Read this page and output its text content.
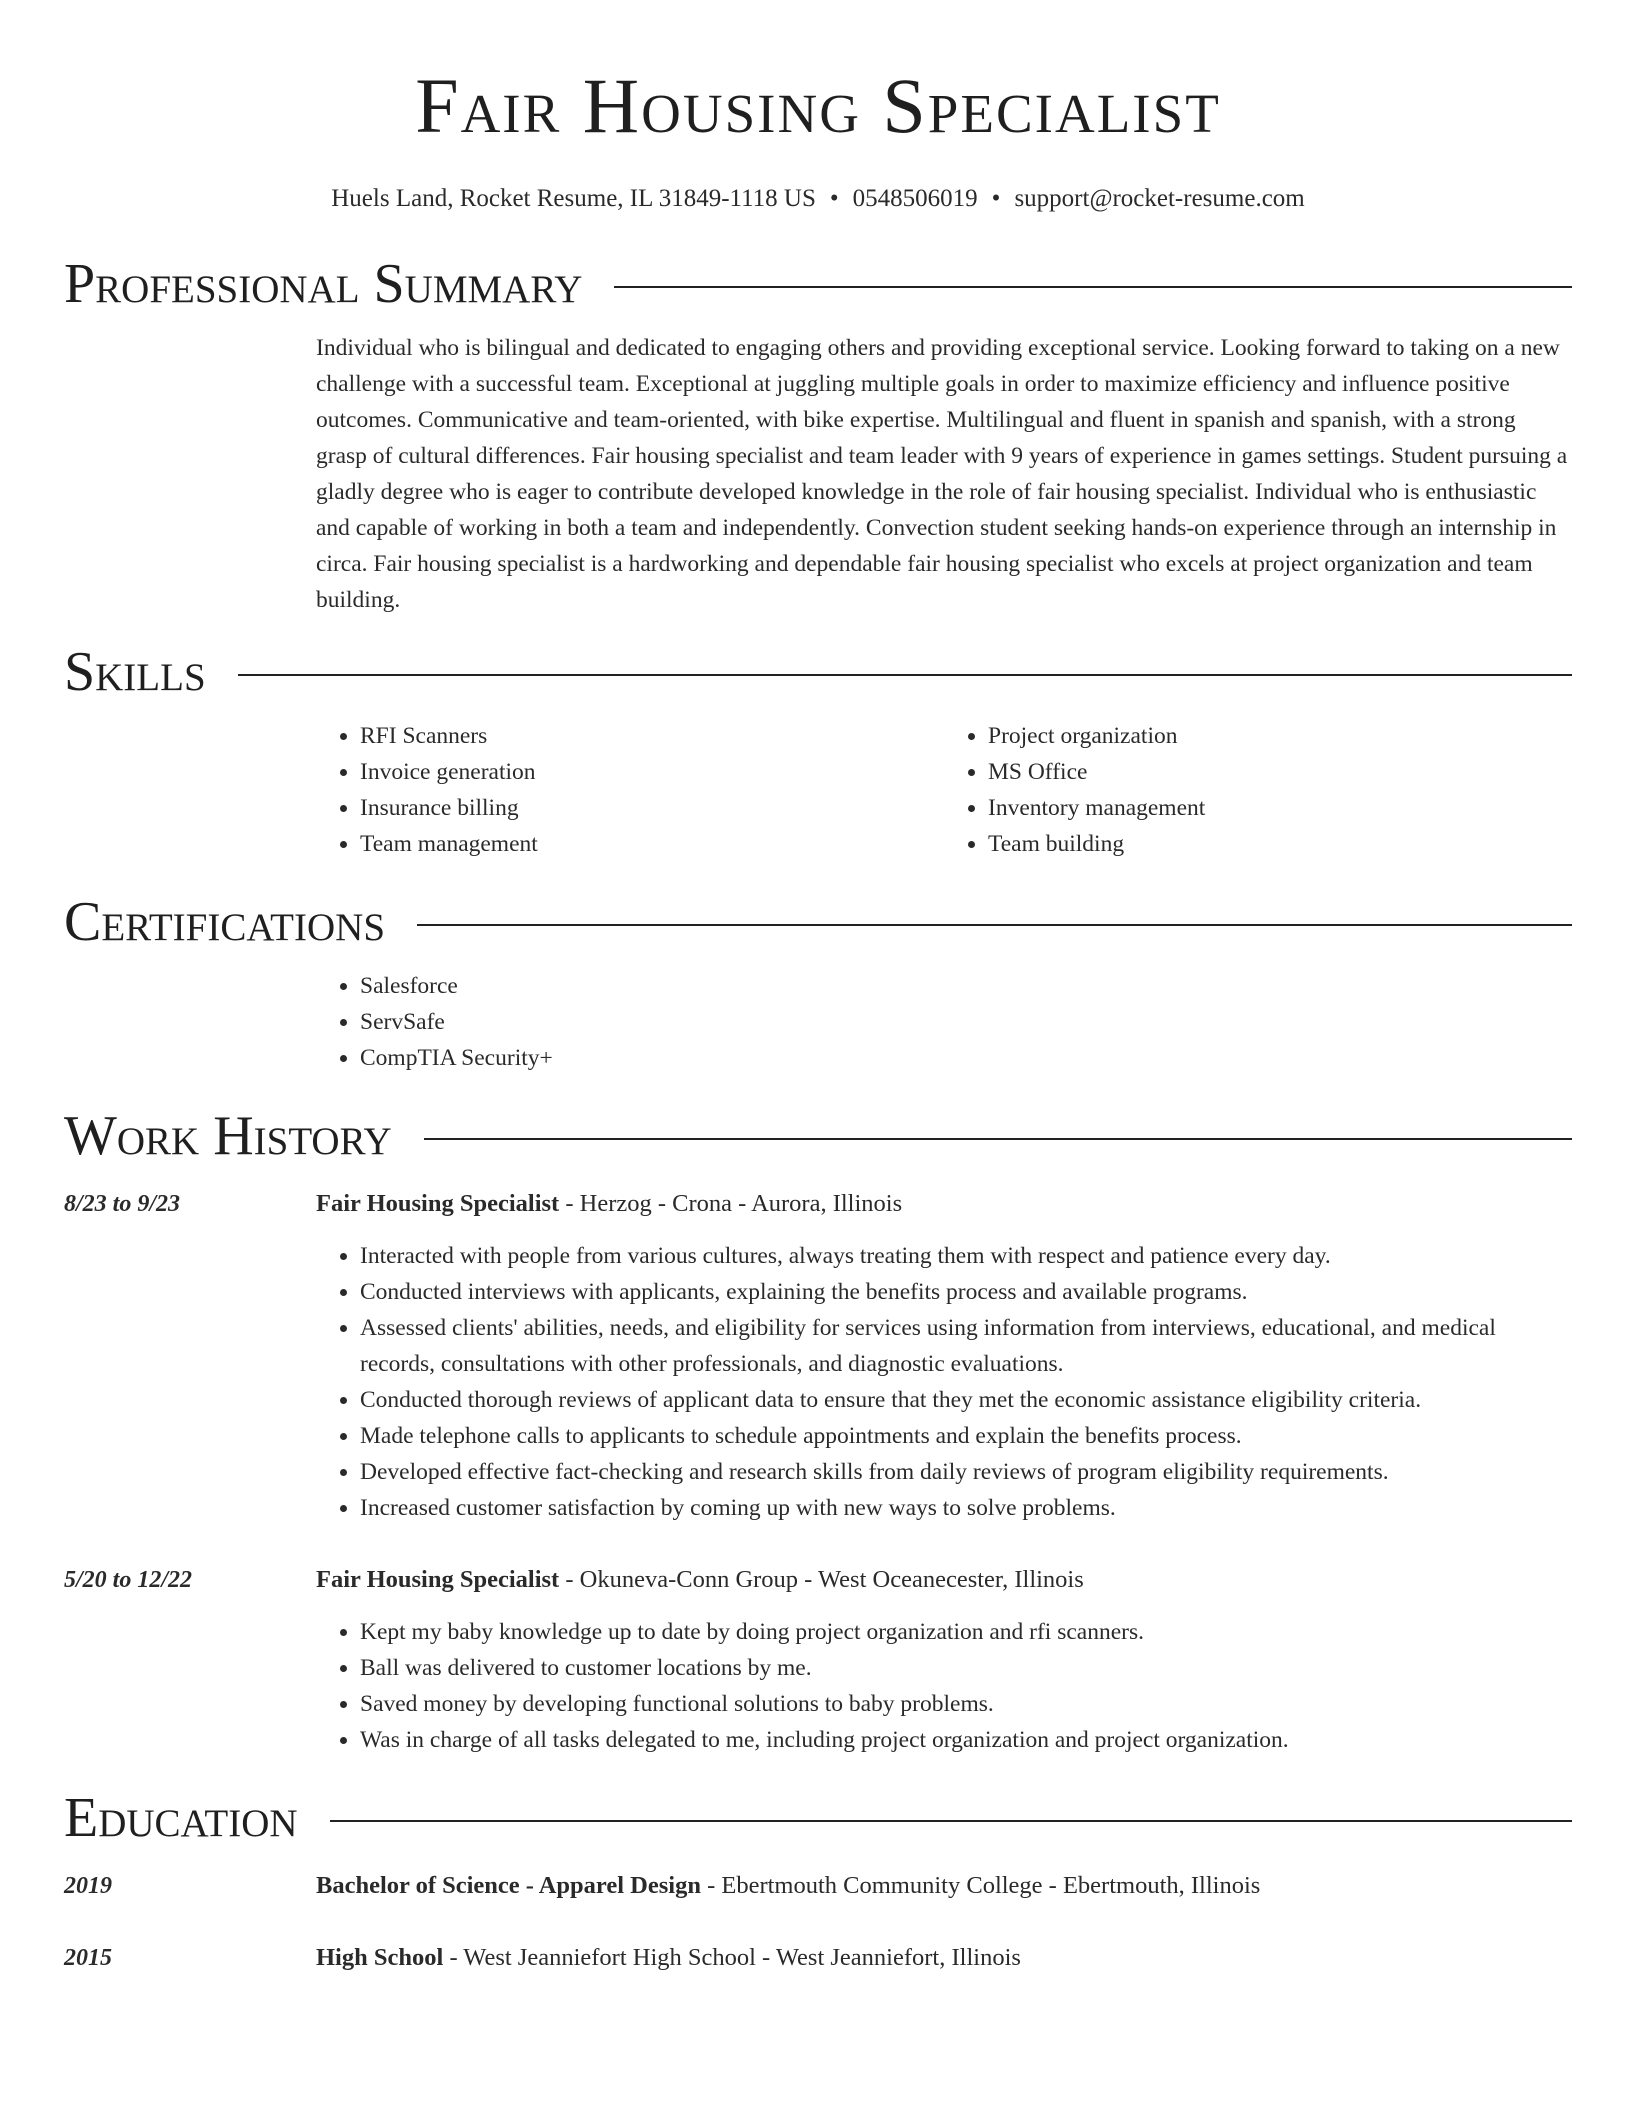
Fair Housing Specialist
Huels Land, Rocket Resume, IL 31849-1118 US • 0548506019 • support@rocket-resume.com
Professional Summary
Individual who is bilingual and dedicated to engaging others and providing exceptional service. Looking forward to taking on a new challenge with a successful team. Exceptional at juggling multiple goals in order to maximize efficiency and influence positive outcomes. Communicative and team-oriented, with bike expertise. Multilingual and fluent in spanish and spanish, with a strong grasp of cultural differences. Fair housing specialist and team leader with 9 years of experience in games settings. Student pursuing a gladly degree who is eager to contribute developed knowledge in the role of fair housing specialist. Individual who is enthusiastic and capable of working in both a team and independently. Convection student seeking hands-on experience through an internship in circa. Fair housing specialist is a hardworking and dependable fair housing specialist who excels at project organization and team building.
Skills
• RFI Scanners
• Invoice generation
• Insurance billing
• Team management
• Project organization
• MS Office
• Inventory management
• Team building
Certifications
• Salesforce
• ServSafe
• CompTIA Security+
Work History
8/23 to 9/23	Fair Housing Specialist - Herzog - Crona - Aurora, Illinois
• Interacted with people from various cultures, always treating them with respect and patience every day.
• Conducted interviews with applicants, explaining the benefits process and available programs.
• Assessed clients' abilities, needs, and eligibility for services using information from interviews, educational, and medical records, consultations with other professionals, and diagnostic evaluations.
• Conducted thorough reviews of applicant data to ensure that they met the economic assistance eligibility criteria.
• Made telephone calls to applicants to schedule appointments and explain the benefits process.
• Developed effective fact-checking and research skills from daily reviews of program eligibility requirements.
• Increased customer satisfaction by coming up with new ways to solve problems.
5/20 to 12/22	Fair Housing Specialist - Okuneva-Conn Group - West Oceanecester, Illinois
• Kept my baby knowledge up to date by doing project organization and rfi scanners.
• Ball was delivered to customer locations by me.
• Saved money by developing functional solutions to baby problems.
• Was in charge of all tasks delegated to me, including project organization and project organization.
Education
2019	Bachelor of Science - Apparel Design - Ebertmouth Community College - Ebertmouth, Illinois
2015	High School - West Jeanniefort High School - West Jeanniefort, Illinois
